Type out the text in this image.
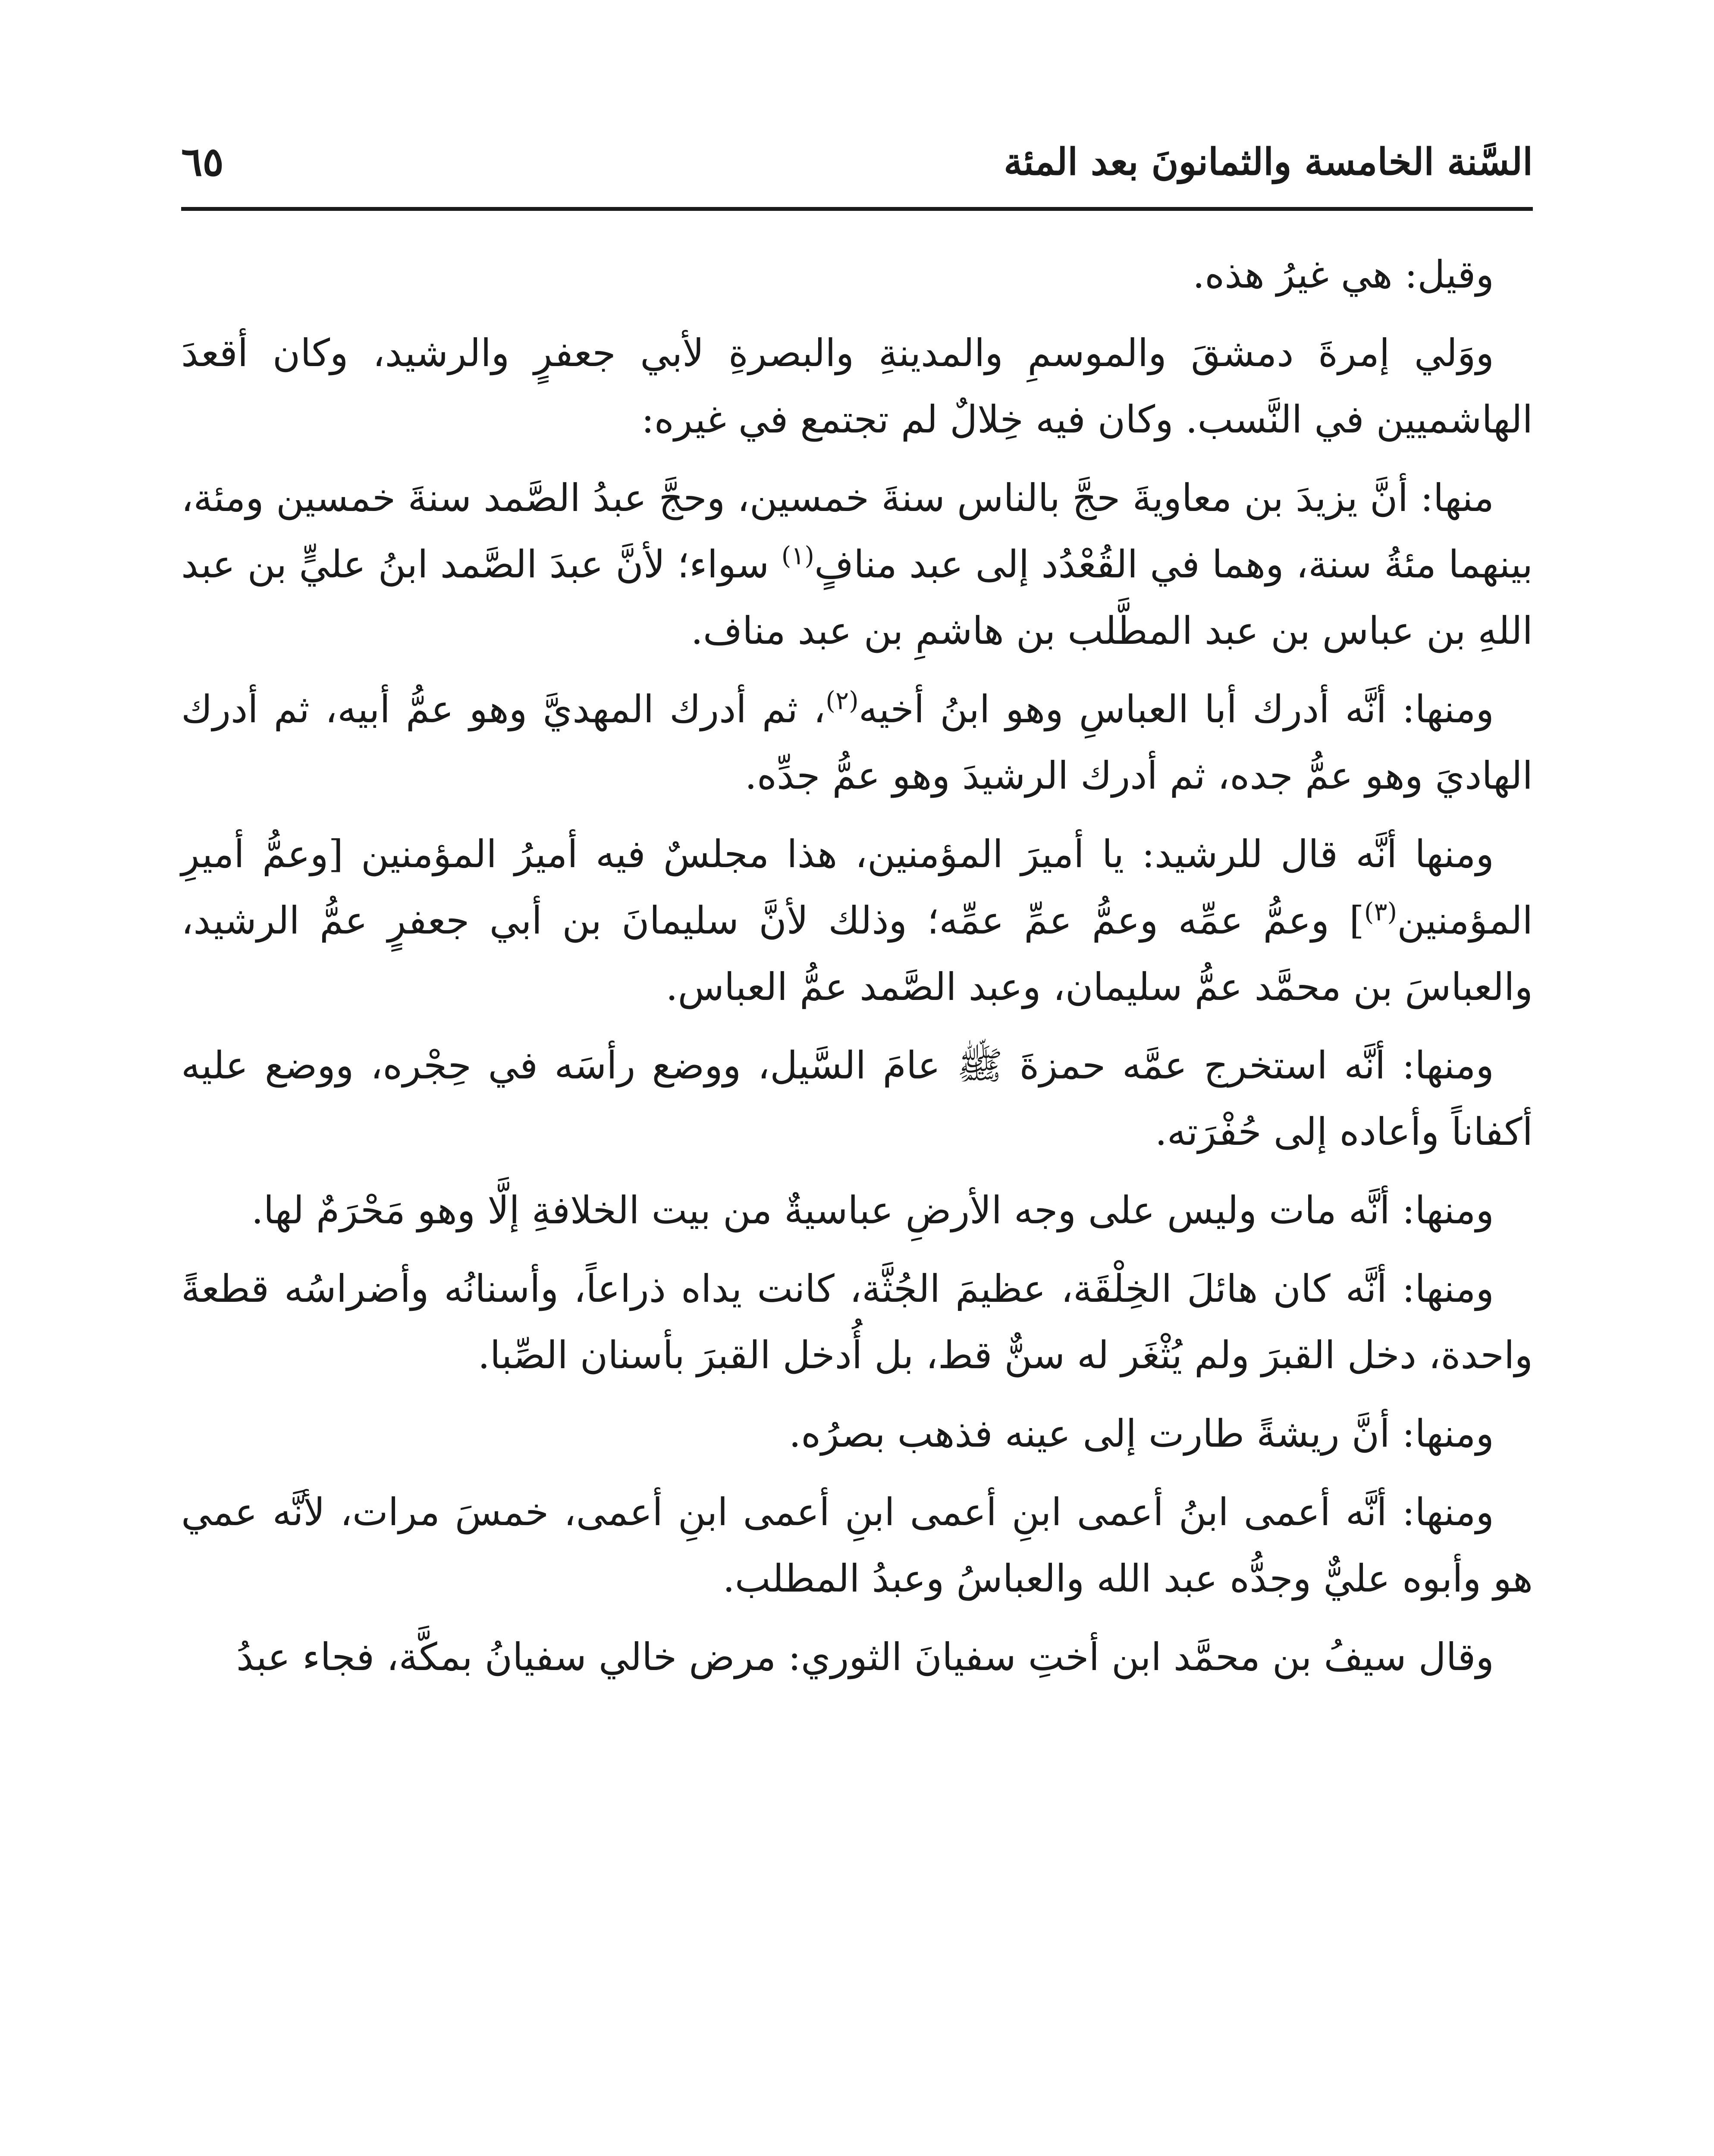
السَّنة الخامسة والثمانونَ بعد المئة
٦٥

وقيل: هي غيرُ هذه.

ووَلي إمرةَ دمشقَ والموسمِ والمدينةِ والبصرةِ لأبي جعفرٍ والرشيد، وكان أقعدَ الهاشميين في النَّسب. وكان فيه خِلالٌ لم تجتمع في غيره:

منها: أنَّ يزيدَ بن معاويةَ حجَّ بالناس سنةَ خمسين، وحجَّ عبدُ الصَّمد سنةَ خمسين ومئة، بينهما مئةُ سنة، وهما في القُعْدُد إلى عبد منافٍ$^{(١)}$ سواء؛ لأنَّ عبدَ الصَّمد ابنُ عليٍّ بن عبد اللهِ بن عباس بن عبد المطَّلب بن هاشمِ بن عبد مناف.

ومنها: أنَّه أدرك أبا العباسِ وهو ابنُ أخيه$^{(٢)}$، ثم أدرك المهديَّ وهو عمُّ أبيه، ثم أدرك الهاديَ وهو عمُّ جده، ثم أدرك الرشيدَ وهو عمُّ جدِّه.

ومنها أنَّه قال للرشيد: يا أميرَ المؤمنين، هذا مجلسٌ فيه أميرُ المؤمنين [وعمُّ أميرِ المؤمنين$^{(٣)}$] وعمُّ عمِّه وعمُّ عمِّ عمِّه؛ وذلك لأنَّ سليمانَ بن أبي جعفرٍ عمُّ الرشيد، والعباسَ بن محمَّد عمُّ سليمان، وعبد الصَّمد عمُّ العباس.

ومنها: أنَّه استخرج عمَّه حمزةَ ﷺ عامَ السَّيل، ووضع رأسَه في حِجْره، ووضع عليه أكفاناً وأعاده إلى حُفْرَته.

ومنها: أنَّه مات وليس على وجه الأرضِ عباسيةٌ من بيت الخلافةِ إلَّا وهو مَحْرَمٌ لها.

ومنها: أنَّه كان هائلَ الخِلْقَة، عظيمَ الجُثَّة، كانت يداه ذراعاً، وأسنانُه وأضراسُه قطعةً واحدة، دخل القبرَ ولم يُثْغَر له سنٌّ قط، بل أُدخل القبرَ بأسنان الصِّبا.

ومنها: أنَّ ريشةً طارت إلى عينه فذهب بصرُه.

ومنها: أنَّه أعمى ابنُ أعمى ابنِ أعمى ابنِ أعمى ابنِ أعمى، خمسَ مرات، لأنَّه عمي هو وأبوه عليٌّ وجدُّه عبد الله والعباسُ وعبدُ المطلب.

وقال سيفُ بن محمَّد ابن أختِ سفيانَ الثوري: مرض خالي سفيانُ بمكَّة، فجاء عبدُ
